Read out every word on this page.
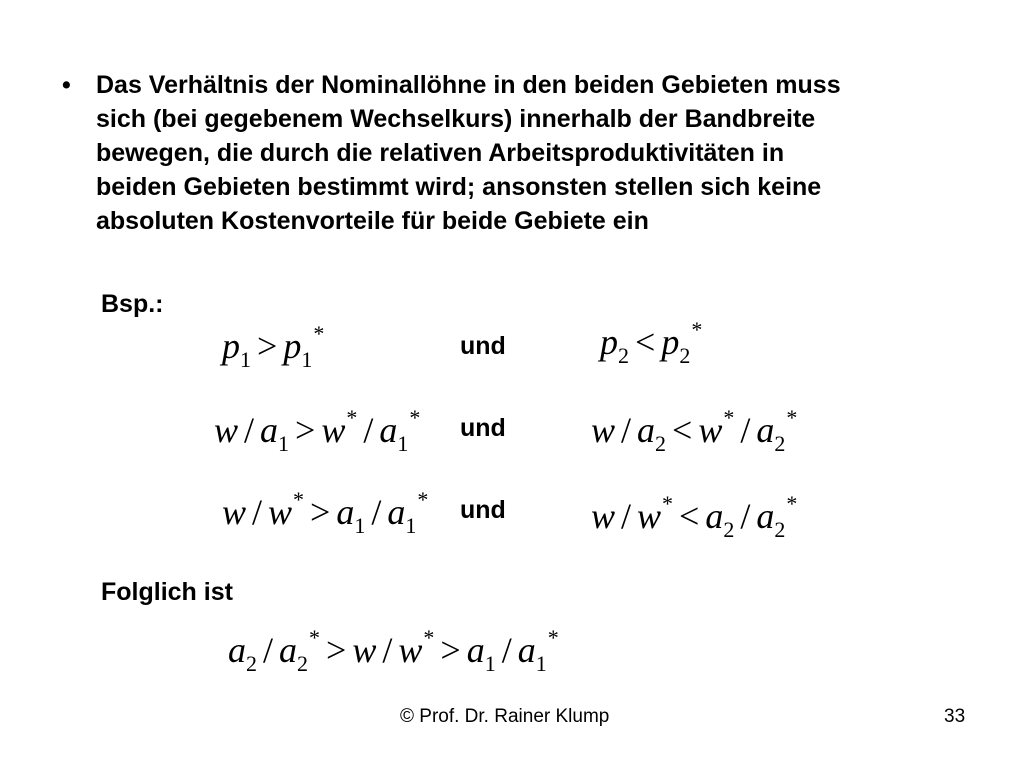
• Das Verhältnis der Nominallöhne in den beiden Gebieten muss
sich (bei gegebenem Wechselkurs) innerhalb der Bandbreite
bewegen, die durch die relativen Arbeitsproduktivitäten in
beiden Gebieten bestimmt wird; ansonsten stellen sich keine
absoluten Kostenvorteile für beide Gebiete ein
Bsp.:
$p_1 > p_1^*$	und	$p_2 < p_2^*$
$w / a_1 > w^* / a_1^*$ und $w / a_2 < w^* / a_2^*$
$w / w^* > a_1 / a_1^*$ und $w / w^* < a_2 / a_2^*$
Folglich ist
$a_2 / a_2^* > w / w^* > a_1 / a_1^*$
© Prof. Dr. Rainer Klump	33
